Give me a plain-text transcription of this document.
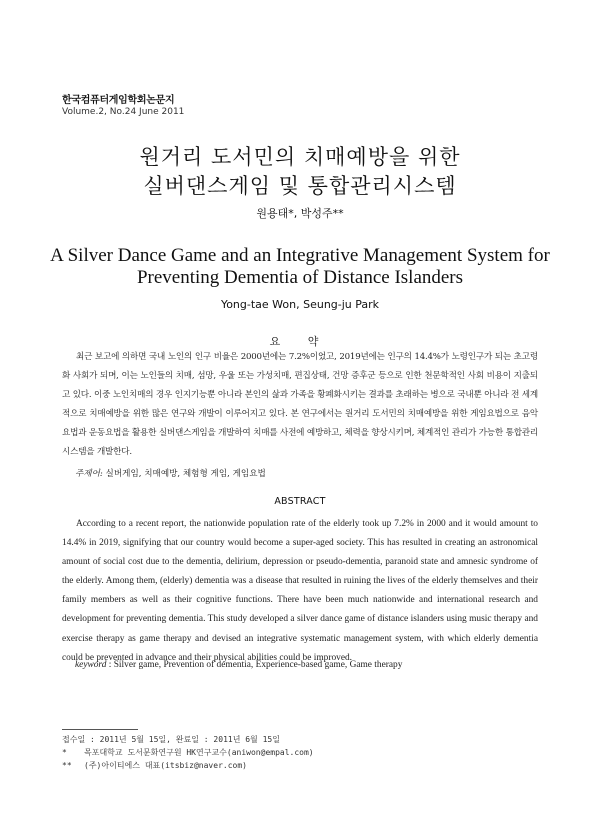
한국컴퓨터게임학회논문지
Volume.2, No.24 June 2011
원거리 도서민의 치매예방을 위한
실버댄스게임 및 통합관리시스템
원용태*, 박성주**
A Silver Dance Game and an Integrative Management System for
Preventing Dementia of Distance Islanders
Yong-tae Won, Seung-ju Park
요 약

최근 보고에 의하면 국내 노인의 인구 비율은 2000년에는 7.2%이었고, 2019년에는 인구의 14.4%가 노령인구가 되는 초고령화 사회가 되며, 이는 노인들의 치매, 섬망, 우울 또는 가성치매, 편집상태, 건망 증후군 등으로 인한 천문학적인 사회 비용이 지출되고 있다. 이중 노인치매의 경우 인지기능뿐 아니라 본인의 삶과 가족을 황폐화시키는 결과를 초래하는 병으로 국내뿐 아니라 전 세계적으로 치매예방을 위한 많은 연구와 개발이 이루어지고 있다. 본 연구에서는 원거리 도서민의 치매예방을 위한 게임요법으로 음악요법과 운동요법을 활용한 실버댄스게임을 개발하여 치매를 사전에 예방하고, 체력을 향상시키며, 체계적인 관리가 가능한 통합관리시스템을 개발한다.

주제어: 실버게임, 치매예방, 체험형 게임, 게임요법
ABSTRACT

According to a recent report, the nationwide population rate of the elderly took up 7.2% in 2000 and it would amount to 14.4% in 2019, signifying that our country would become a super-aged society. This has resulted in creating an astronomical amount of social cost due to the dementia, delirium, depression or pseudo-dementia, paranoid state and amnesic syndrome of the elderly. Among them, (elderly) dementia was a disease that resulted in ruining the lives of the elderly themselves and their family members as well as their cognitive functions. There have been much nationwide and international research and development for preventing dementia. This study developed a silver dance game of distance islanders using music therapy and exercise therapy as game therapy and devised an integrative systematic management system, with which elderly dementia could be prevented in advance and their physical abilities could be improved.

keyword : Silver game, Prevention of dementia, Experience-based game, Game therapy
접수일 : 2011년 5월 15일, 완료일 : 2011년 6월 15일
* 목포대학교 도서문화연구원 HK연구교수(aniwon@empal.com)
** (주)아이티에스 대표(itsbiz@naver.com)
